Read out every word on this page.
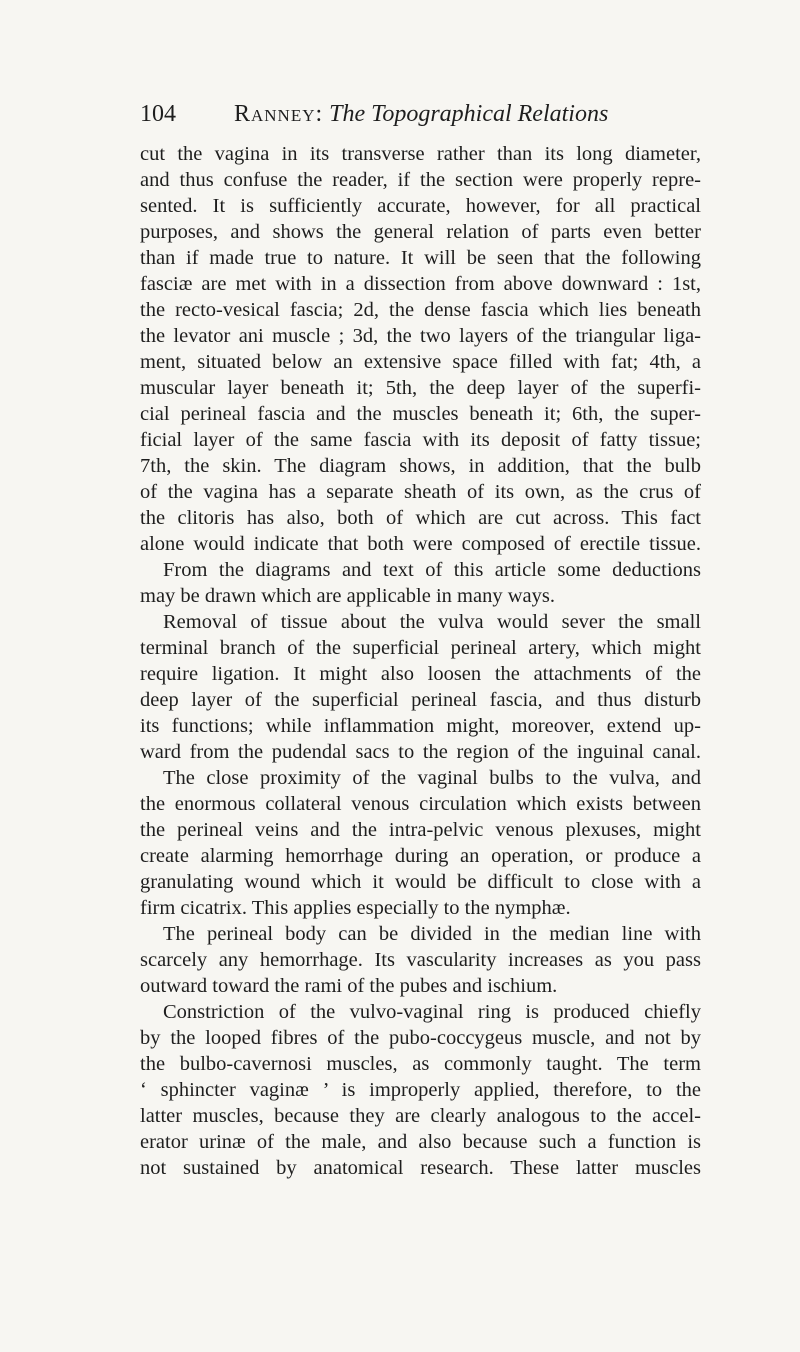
104 Ranney: The Topographical Relations
cut the vagina in its transverse rather than its long diameter,
and thus confuse the reader, if the section were properly repre-
sented. It is sufficiently accurate, however, for all practical
purposes, and shows the general relation of parts even better
than if made true to nature. It will be seen that the following
fasciæ are met with in a dissection from above downward : 1st,
the recto-vesical fascia; 2d, the dense fascia which lies beneath
the levator ani muscle ; 3d, the two layers of the triangular liga-
ment, situated below an extensive space filled with fat; 4th, a
muscular layer beneath it; 5th, the deep layer of the superfi-
cial perineal fascia and the muscles beneath it; 6th, the super-
ficial layer of the same fascia with its deposit of fatty tissue;
7th, the skin. The diagram shows, in addition, that the bulb
of the vagina has a separate sheath of its own, as the crus of
the clitoris has also, both of which are cut across. This fact
alone would indicate that both were composed of erectile tissue.
From the diagrams and text of this article some deductions
may be drawn which are applicable in many ways.
Removal of tissue about the vulva would sever the small
terminal branch of the superficial perineal artery, which might
require ligation. It might also loosen the attachments of the
deep layer of the superficial perineal fascia, and thus disturb
its functions; while inflammation might, moreover, extend up-
ward from the pudendal sacs to the region of the inguinal canal.
The close proximity of the vaginal bulbs to the vulva, and
the enormous collateral venous circulation which exists between
the perineal veins and the intra-pelvic venous plexuses, might
create alarming hemorrhage during an operation, or produce a
granulating wound which it would be difficult to close with a
firm cicatrix. This applies especially to the nymphæ.
The perineal body can be divided in the median line with
scarcely any hemorrhage. Its vascularity increases as you pass
outward toward the rami of the pubes and ischium.
Constriction of the vulvo-vaginal ring is produced chiefly
by the looped fibres of the pubo-coccygeus muscle, and not by
the bulbo-cavernosi muscles, as commonly taught. The term
‘ sphincter vaginæ ’ is improperly applied, therefore, to the
latter muscles, because they are clearly analogous to the accel-
erator urinæ of the male, and also because such a function is
not sustained by anatomical research. These latter muscles
